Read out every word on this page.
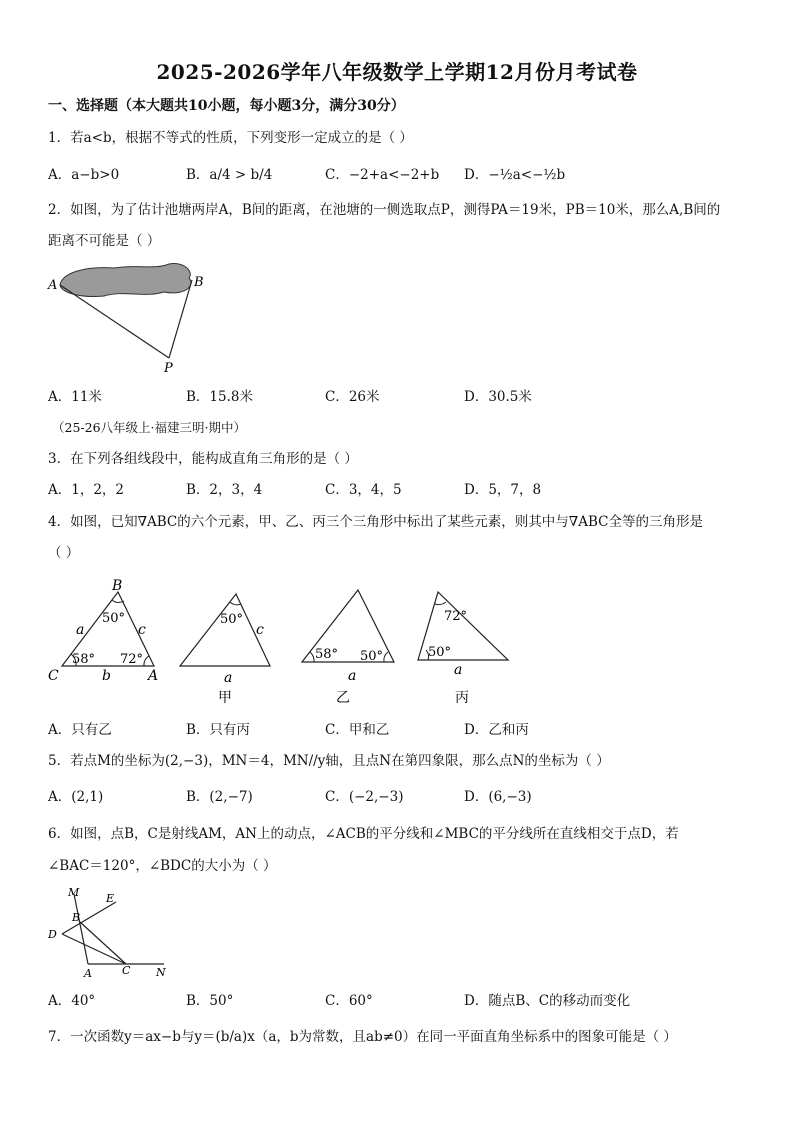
2025-2026学年八年级数学上学期12月份月考试卷
一、选择题（本大题共10小题，每小题3分，满分30分）
1．若a<b，根据不等式的性质，下列变形一定成立的是（ ）
A．a−b>0	B．a/4 > b/4	C．−2+a<−2+b D．−½a<−½b
2．如图，为了估计池塘两岸A，B间的距离，在池塘的一侧选取点P，测得PA＝19米，PB＝10米，那么A,B间的
距离不可能是（ ）
A	B
P
A．11米	B．15.8米	C．26米	D．30.5米
（25-26八年级上·福建三明·期中）
3．在下列各组线段中，能构成直角三角形的是（ ）
A．1，2，2	B．2，3，4	C．3，4，5	D．5，7，8
4．如图，已知∇ABC的六个元素，甲、乙、丙三个三角形中标出了某些元素，则其中与∇ABC全等的三角形是
（ ）
B
C	A
a
b
c
50°
58° 72°
50°
c
a
甲
58° 50°
a
乙
72°
50°
a
丙
A．只有乙	B．只有丙	C．甲和乙	D．乙和丙
5．若点M的坐标为(2,−3)，MN＝4，MN//y轴，且点N在第四象限，那么点N的坐标为（ ）
A．(2,1)	B．(2,−7)	C．(−2,−3)	D．(6,−3)
6．如图，点B，C是射线AM，AN上的动点，∠ACB的平分线和∠MBC的平分线所在直线相交于点D，若
∠BAC＝120°，∠BDC的大小为（ ）
M E
B
D
A	C N
A．40°	B．50°	C．60°	D．随点B、C的移动而变化
7．一次函数y＝ax−b与y＝(b/a)x（a，b为常数，且ab≠0）在同一平面直角坐标系中的图象可能是（ ）
